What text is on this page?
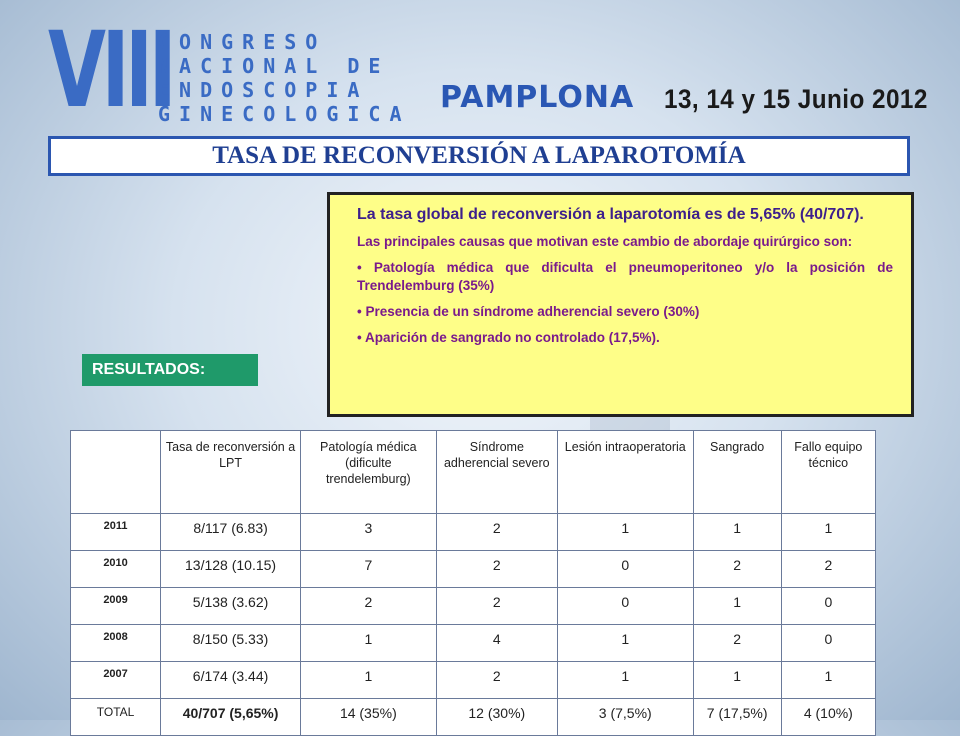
VIII
CONGRESO
NACIONAL DE
ENDOSCOPIA
GINECOLOGICA PAMPLONA 13, 14 y 15 Junio 2012
TASA DE RECONVERSIÓN A LAPAROTOMÍA

La tasa global de reconversión a laparotomía es de 5,65% (40/707).

Las principales causas que motivan este cambio de abordaje quirúrgico son:

• Patología médica que dificulta el pneumoperitoneo y/o la posición de Trendelemburg (35%)

• Presencia de un síndrome adherencial severo (30%)

• Aparición de sangrado no controlado (17,5%).

RESULTADOS:
	Tasa de reconversión a LPT	Patología médica (dificulte trendelemburg)	Síndrome adherencial severo	Lesión intraoperatoria	Sangrado	Fallo equipo técnico
2011	8/117 (6.83)	3	2	1	1	1
2010	13/128 (10.15)	7	2	0	2	2
2009	5/138 (3.62)	2	2	0	1	0
2008	8/150 (5.33)	1	4	1	2	0
2007	6/174 (3.44)	1	2	1	1	1
TOTAL	40/707 (5,65%)	14 (35%)	12 (30%)	3 (7,5%)	7 (17,5%)	4 (10%)
